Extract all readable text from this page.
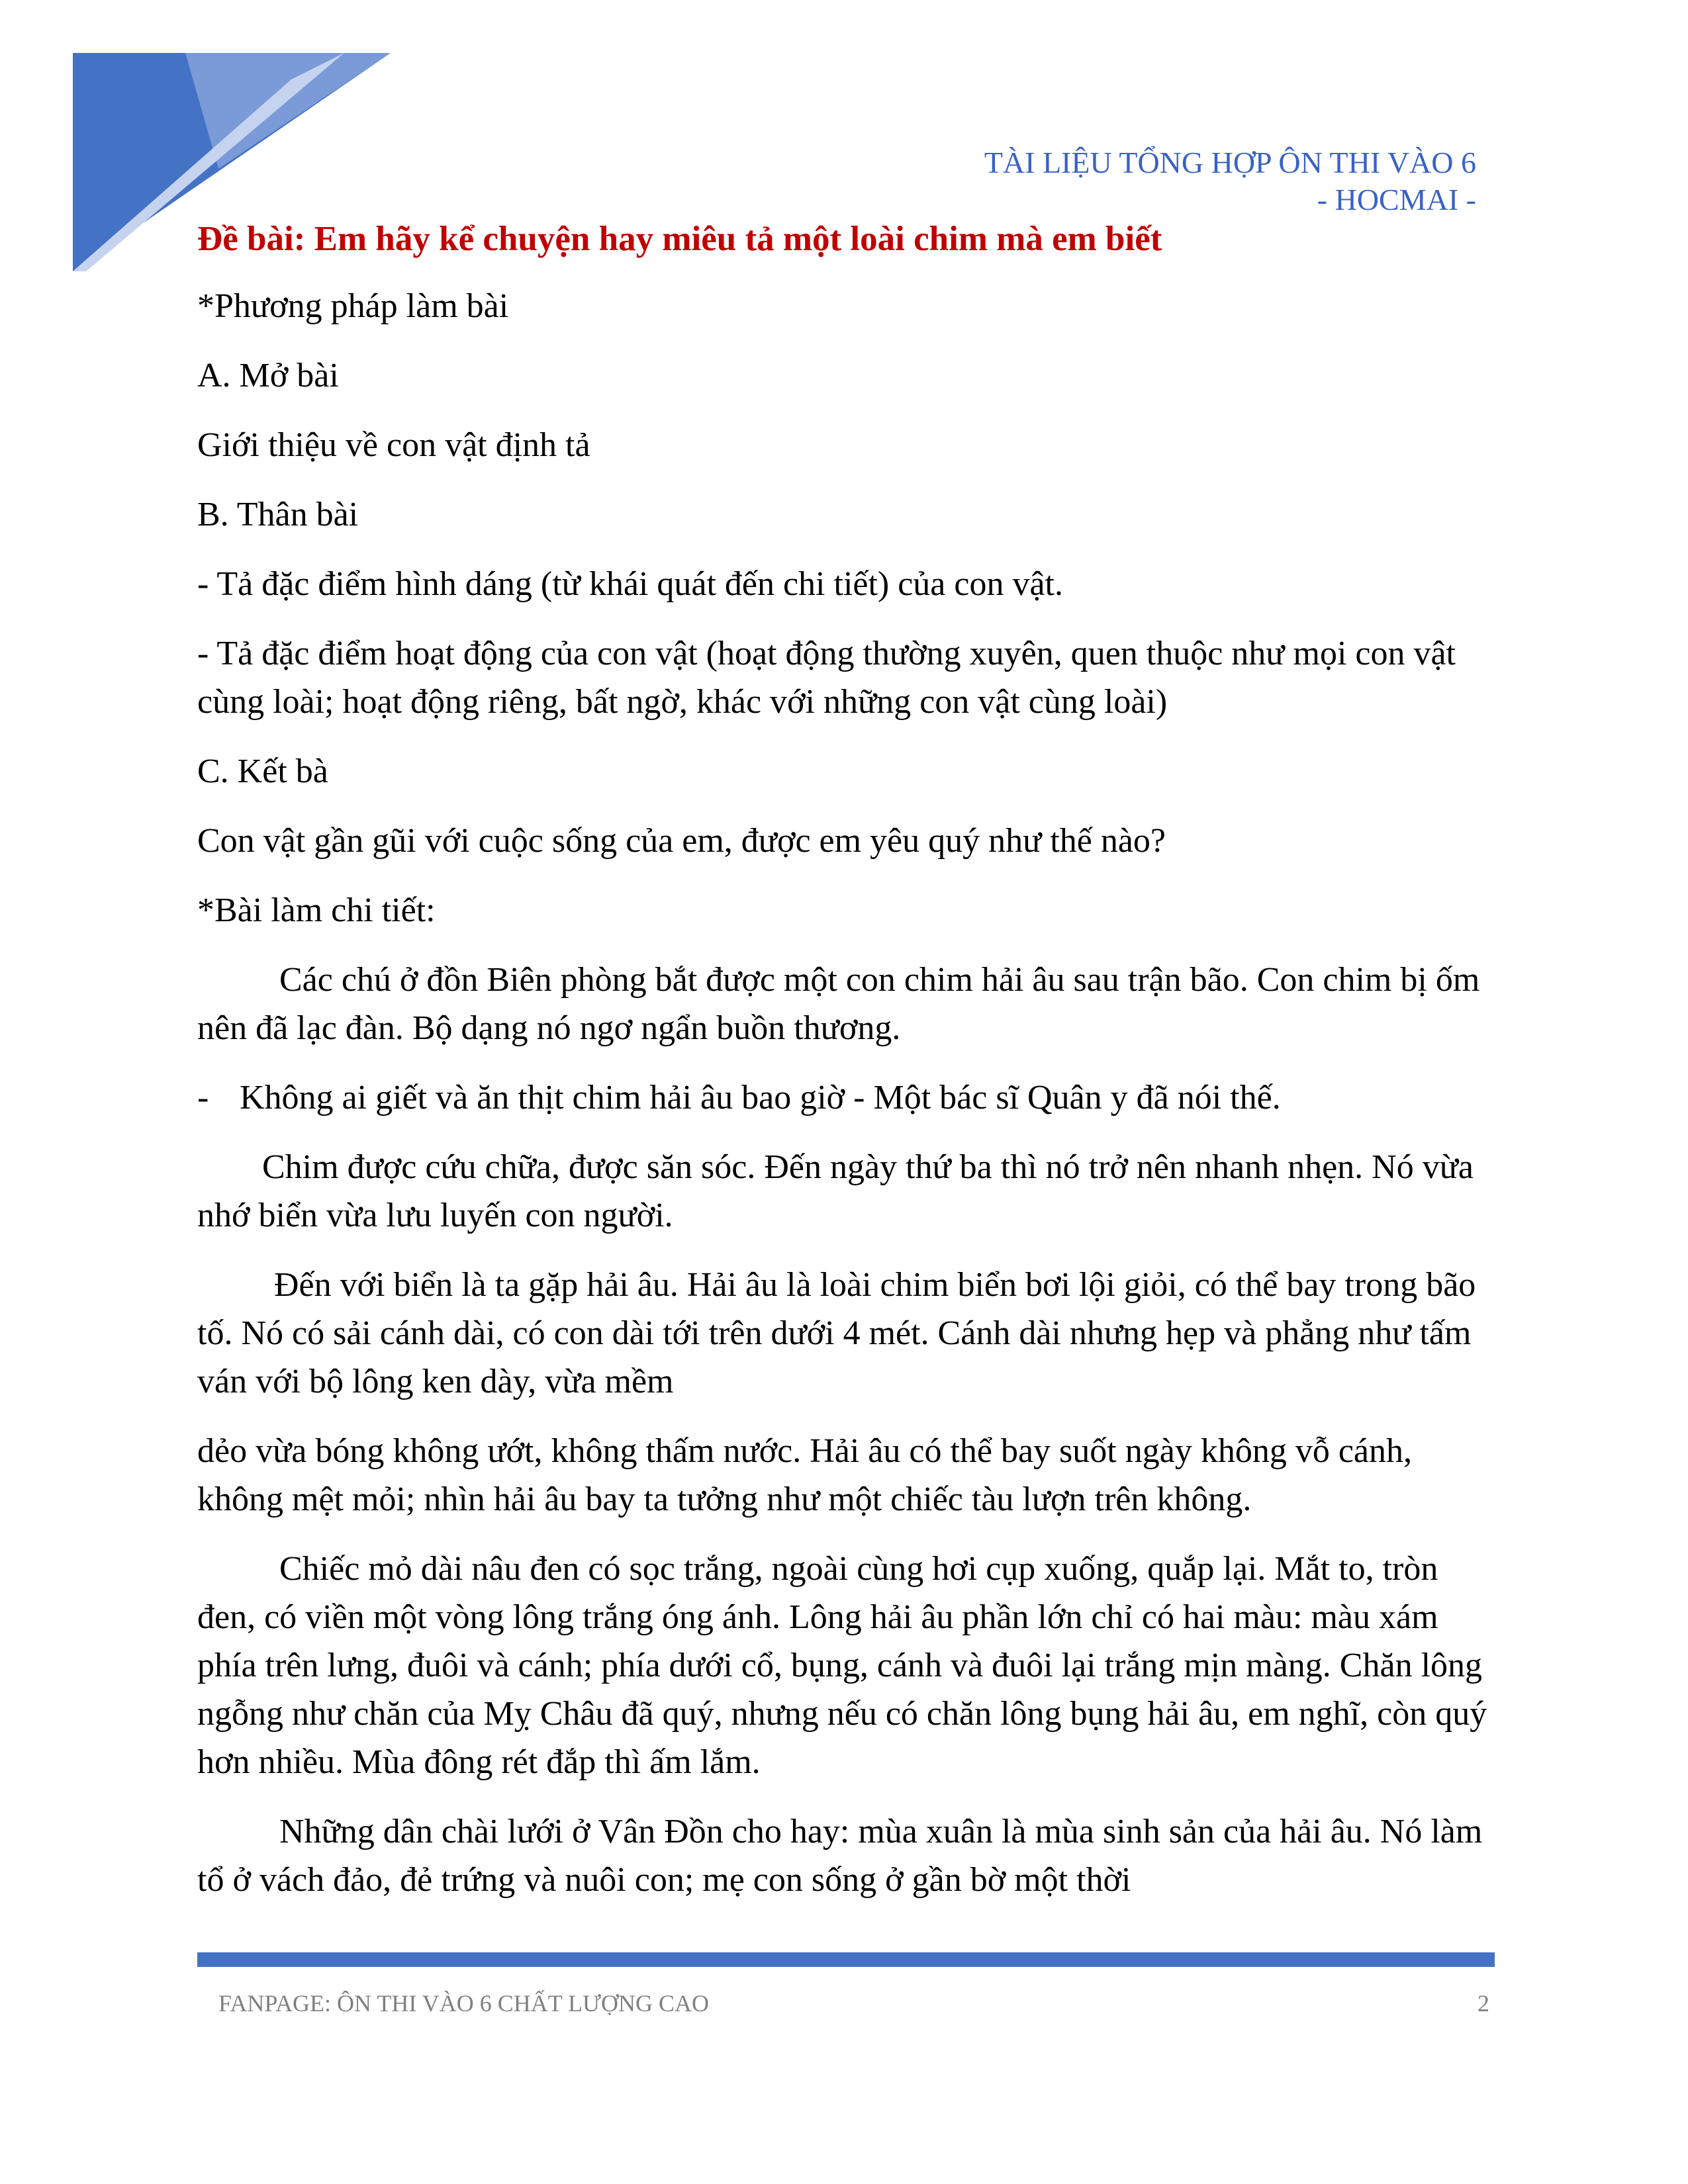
TÀI LIỆU TỔNG HỢP ÔN THI VÀO 6
- HOCMAI -
Đề bài: Em hãy kể chuyện hay miêu tả một loài chim mà em biết

*Phương pháp làm bài

A. Mở bài

Giới thiệu về con vật định tả

B. Thân bài

- Tả đặc điểm hình dáng (từ khái quát đến chi tiết) của con vật.

- Tả đặc điểm hoạt động của con vật (hoạt động thường xuyên, quen thuộc như mọi con vật cùng loài; hoạt động riêng, bất ngờ, khác với những con vật cùng loài)

C. Kết bà

Con vật gần gũi với cuộc sống của em, được em yêu quý như thế nào?

*Bài làm chi tiết:

Các chú ở đồn Biên phòng bắt được một con chim hải âu sau trận bão. Con chim bị ốm nên đã lạc đàn. Bộ dạng nó ngơ ngẩn buồn thương.

- Không ai giết và ăn thịt chim hải âu bao giờ - Một bác sĩ Quân y đã nói thế.

Chim được cứu chữa, được săn sóc. Đến ngày thứ ba thì nó trở nên nhanh nhẹn. Nó vừa nhớ biển vừa lưu luyến con người.

Đến với biển là ta gặp hải âu. Hải âu là loài chim biển bơi lội giỏi, có thể bay trong bão tố. Nó có sải cánh dài, có con dài tới trên dưới 4 mét. Cánh dài nhưng hẹp và phẳng như tấm ván với bộ lông ken dày, vừa mềm

dẻo vừa bóng không ướt, không thấm nước. Hải âu có thể bay suốt ngày không vỗ cánh, không mệt mỏi; nhìn hải âu bay ta tưởng như một chiếc tàu lượn trên không.

Chiếc mỏ dài nâu đen có sọc trắng, ngoài cùng hơi cụp xuống, quắp lại. Mắt to, tròn đen, có viền một vòng lông trắng óng ánh. Lông hải âu phần lớn chỉ có hai màu: màu xám phía trên lưng, đuôi và cánh; phía dưới cổ, bụng, cánh và đuôi lại trắng mịn màng. Chăn lông ngỗng như chăn của Mỵ Châu đã quý, nhưng nếu có chăn lông bụng hải âu, em nghĩ, còn quý hơn nhiều. Mùa đông rét đắp thì ấm lắm.

Những dân chài lưới ở Vân Đồn cho hay: mùa xuân là mùa sinh sản của hải âu. Nó làm tổ ở vách đảo, đẻ trứng và nuôi con; mẹ con sống ở gần bờ một thời

FANPAGE: ÔN THI VÀO 6 CHẤT LƯỢNG CAO	2
